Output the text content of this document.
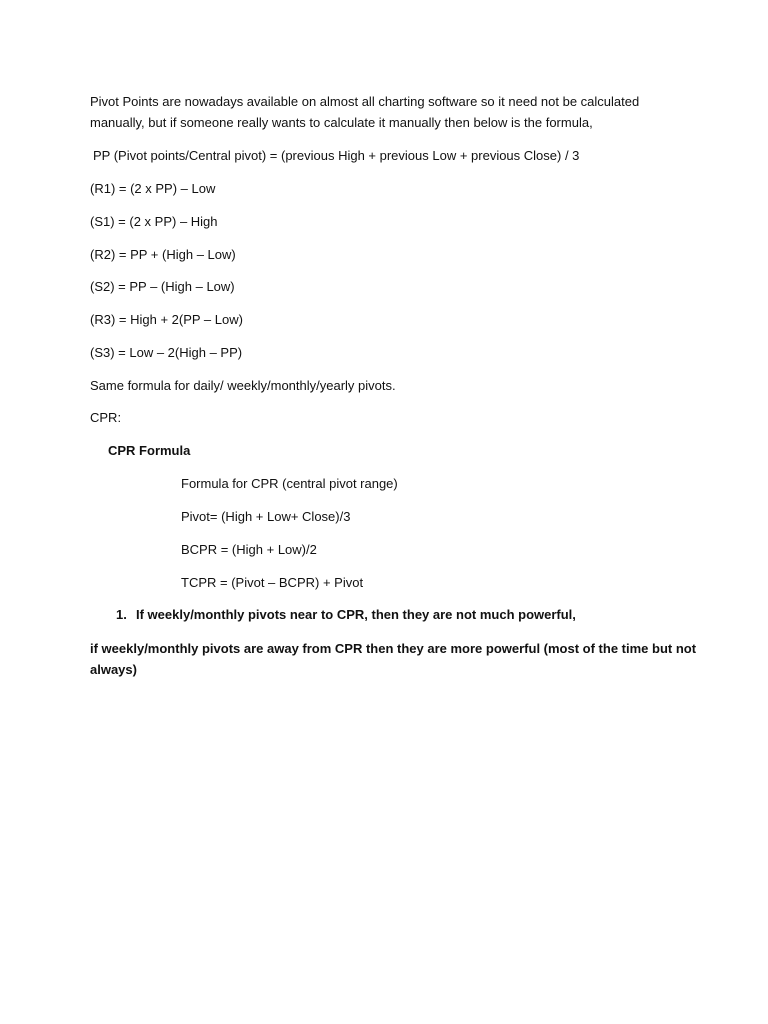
Pivot Points are nowadays available on almost all charting software so it need not be calculated
manually, but if someone really wants to calculate it manually then below is the formula,
PP (Pivot points/Central pivot) = (previous High + previous Low + previous Close) / 3
(R1) = (2 x PP) – Low
(S1) = (2 x PP) – High
(R2) = PP + (High – Low)
(S2) = PP – (High – Low)
(R3) = High + 2(PP – Low)
(S3) = Low – 2(High – PP)
Same formula for daily/ weekly/monthly/yearly pivots.
CPR:
CPR Formula
Formula for CPR (central pivot range)
Pivot= (High + Low+ Close)/3
BCPR = (High + Low)/2
TCPR = (Pivot – BCPR) + Pivot
1. If weekly/monthly pivots near to CPR, then they are not much powerful,
if weekly/monthly pivots are away from CPR then they are more powerful (most of the time but not
always)
